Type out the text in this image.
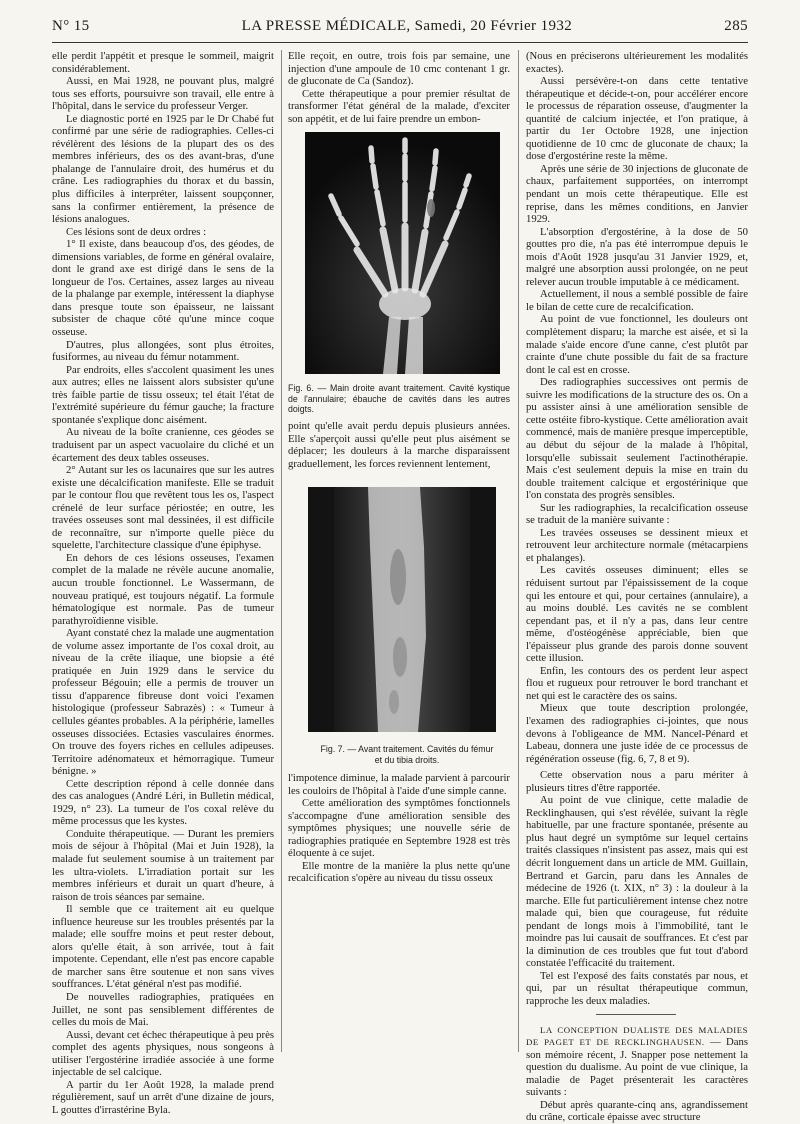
N° 15	LA PRESSE MÉDICALE, Samedi, 20 Février 1932	285

elle perdit l'appétit et presque le sommeil, maigrit considérablement.

Aussi, en Mai 1928, ne pouvant plus, malgré tous ses efforts, poursuivre son travail, elle entre à l'hôpital, dans le service du professeur Verger.

Le diagnostic porté en 1925 par le Dr Chabé fut confirmé par une série de radiographies. Celles-ci révélèrent des lésions de la plupart des os des membres inférieurs, des os des avant-bras, d'une phalange de l'annulaire droit, des humérus et du crâne. Les radiographies du thorax et du bassin, plus difficiles à interpréter, laissent soupçonner, sans la confirmer entièrement, la présence de lésions analogues.

Ces lésions sont de deux ordres :

1° Il existe, dans beaucoup d'os, des géodes, de dimensions variables, de forme en général ovalaire, dont le grand axe est dirigé dans le sens de la longueur de l'os. Certaines, assez larges au niveau de la phalange par exemple, intéressent la diaphyse dans presque toute son épaisseur, ne laissant subsister de chaque côté qu'une mince coque osseuse.

D'autres, plus allongées, sont plus étroites, fusiformes, au niveau du fémur notamment.

Par endroits, elles s'accolent quasiment les unes aux autres; elles ne laissent alors subsister qu'une très faible partie de tissu osseux; tel était l'état de l'extrémité supérieure du fémur gauche; la fracture spontanée s'explique donc aisément.

Au niveau de la boîte cranienne, ces géodes se traduisent par un aspect vacuolaire du cliché et un écartement des deux tables osseuses.

2° Autant sur les os lacunaires que sur les autres existe une décalcification manifeste. Elle se traduit par le contour flou que revêtent tous les os, l'aspect crénelé de leur surface périostée; en outre, les travées osseuses sont mal dessinées, il est difficile de reconnaître, sur n'importe quelle pièce du squelette, l'architecture classique d'une épiphyse.

En dehors de ces lésions osseuses, l'examen complet de la malade ne révèle aucune anomalie, aucun trouble fonctionnel. Le Wassermann, de nouveau pratiqué, est toujours négatif. La formule hématologique est normale. Pas de tumeur parathyroïdienne visible.

Ayant constaté chez la malade une augmentation de volume assez importante de l'os coxal droit, au niveau de la crête iliaque, une biopsie a été pratiquée en Juin 1929 dans le service du professeur Bégouin; elle a permis de trouver un tissu d'apparence fibreuse dont voici l'examen histologique (professeur Sabrazès) : « Tumeur à cellules géantes probables. A la périphérie, lamelles osseuses dissociées. Ectasies vasculaires énormes. On trouve des foyers riches en cellules adipeuses. Territoire adénomateux et hémorragique. Tumeur bénigne. »

Cette description répond à celle donnée dans des cas analogues (André Léri, in Bulletin médical, 1929, n° 23). La tumeur de l'os coxal relève du même processus que les kystes.

Conduite thérapeutique. — Durant les premiers mois de séjour à l'hôpital (Mai et Juin 1928), la malade fut seulement soumise à un traitement par les ultra-violets. L'irradiation portait sur les membres inférieurs et durait un quart d'heure, à raison de trois séances par semaine.

Il semble que ce traitement ait eu quelque influence heureuse sur les troubles présentés par la malade; elle souffre moins et peut rester debout, alors qu'elle était, à son arrivée, tout à fait impotente. Cependant, elle n'est pas encore capable de marcher sans être soutenue et non sans vives souffrances. L'état général n'est pas modifié.

De nouvelles radiographies, pratiquées en Juillet, ne sont pas sensiblement différentes de celles du mois de Mai.

Aussi, devant cet échec thérapeutique à peu près complet des agents physiques, nous songeons à utiliser l'ergostérine irradiée associée à une forme injectable de sel calcique.

A partir du 1er Août 1928, la malade prend régulièrement, sauf un arrêt d'une dizaine de jours, L gouttes d'irrastérine Byla.

Elle reçoit, en outre, trois fois par semaine, une injection d'une ampoule de 10 cmc contenant 1 gr. de gluconate de Ca (Sandoz).

Cette thérapeutique a pour premier résultat de transformer l'état général de la malade, d'exciter son appétit, et de lui faire prendre un embon-

Fig. 6. — Main droite avant traitement. Cavité kystique de l'annulaire; ébauche de cavités dans les autres doigts.

point qu'elle avait perdu depuis plusieurs années. Elle s'aperçoit aussi qu'elle peut plus aisément se déplacer; les douleurs à la marche disparaissent graduellement, les forces reviennent lentement,

Fig. 7. — Avant traitement. Cavités du fémur et du tibia droits.

l'impotence diminue, la malade parvient à parcourir les couloirs de l'hôpital à l'aide d'une simple canne.

Cette amélioration des symptômes fonctionnels s'accompagne d'une amélioration sensible des symptômes physiques; une nouvelle série de radiographies pratiquée en Septembre 1928 est très éloquente à ce sujet.

Elle montre de la manière la plus nette qu'une recalcification s'opère au niveau du tissu osseux

(Nous en préciserons ultérieurement les modalités exactes).

Aussi persévère-t-on dans cette tentative thérapeutique et décide-t-on, pour accélérer encore le processus de réparation osseuse, d'augmenter la quantité de calcium injectée, et l'on pratique, à partir du 1er Octobre 1928, une injection quotidienne de 10 cmc de gluconate de chaux; la dose d'ergostérine reste la même.

Après une série de 30 injections de gluconate de chaux, parfaitement supportées, on interrompt pendant un mois cette thérapeutique. Elle est reprise, dans les mêmes conditions, en Janvier 1929.

L'absorption d'ergostérine, à la dose de 50 gouttes pro die, n'a pas été interrompue depuis le mois d'Août 1928 jusqu'au 31 Janvier 1929, et, malgré une absorption aussi prolongée, on ne peut relever aucun trouble imputable à ce médicament.

Actuellement, il nous a semblé possible de faire le bilan de cette cure de recalcification.

Au point de vue fonctionnel, les douleurs ont complètement disparu; la marche est aisée, et si la malade s'aide encore d'une canne, c'est plutôt par crainte d'une chute possible du fait de sa fracture dont le cal est en crosse.

Des radiographies successives ont permis de suivre les modifications de la structure des os. On a pu assister ainsi à une amélioration sensible de cette ostéite fibro-kystique. Cette amélioration avait commencé, mais de manière presque imperceptible, au début du séjour de la malade à l'hôpital, lorsqu'elle subissait seulement l'actinothérapie. Mais c'est seulement depuis la mise en train du double traitement calcique et ergostérinique que l'on constata des progrès sensibles.

Sur les radiographies, la recalcification osseuse se traduit de la manière suivante :

Les travées osseuses se dessinent mieux et retrouvent leur architecture normale (métacarpiens et phalanges).

Les cavités osseuses diminuent; elles se réduisent surtout par l'épaississement de la coque qui les entoure et qui, pour certaines (annulaire), a au moins doublé. Les cavités ne se comblent cependant pas, et il n'y a pas, dans leur centre même, d'ostéogénèse appréciable, bien que l'épaisseur plus grande des parois donne souvent cette illusion.

Enfin, les contours des os perdent leur aspect flou et rugueux pour retrouver le bord tranchant et net qui est le caractère des os sains.

Mieux que toute description prolongée, l'examen des radiographies ci-jointes, que nous devons à l'obligeance de MM. Nancel-Pénard et Labeau, donnera une juste idée de ce processus de régénération osseuse (fig. 6, 7, 8 et 9).

Cette observation nous a paru mériter à plusieurs titres d'être rapportée.

Au point de vue clinique, cette maladie de Recklinghausen, qui s'est révélée, suivant la règle habituelle, par une fracture spontanée, présente au plus haut degré un symptôme sur lequel certains traités classiques n'insistent pas assez, mais qui est décrit longuement dans un article de MM. Guillain, Bertrand et Garcin, paru dans les Annales de médecine de 1926 (t. XIX, n° 3) : la douleur à la marche. Elle fut particulièrement intense chez notre malade qui, bien que courageuse, fut réduite pendant de longs mois à l'immobilité, tant le moindre pas lui causait de souffrances. Et c'est par la diminution de ces troubles que fut tout d'abord constatée l'efficacité du traitement.

Tel est l'exposé des faits constatés par nous, et qui, par un résultat thérapeutique commun, rapproche les deux maladies.

LA CONCEPTION DUALISTE DES MALADIES DE PAGET ET DE RECKLINGHAUSEN. — Dans son mémoire récent, J. Snapper pose nettement la question du dualisme. Au point de vue clinique, la maladie de Paget présenterait les caractères suivants :

Début après quarante-cinq ans, agrandissement du crâne, corticale épaisse avec structure
